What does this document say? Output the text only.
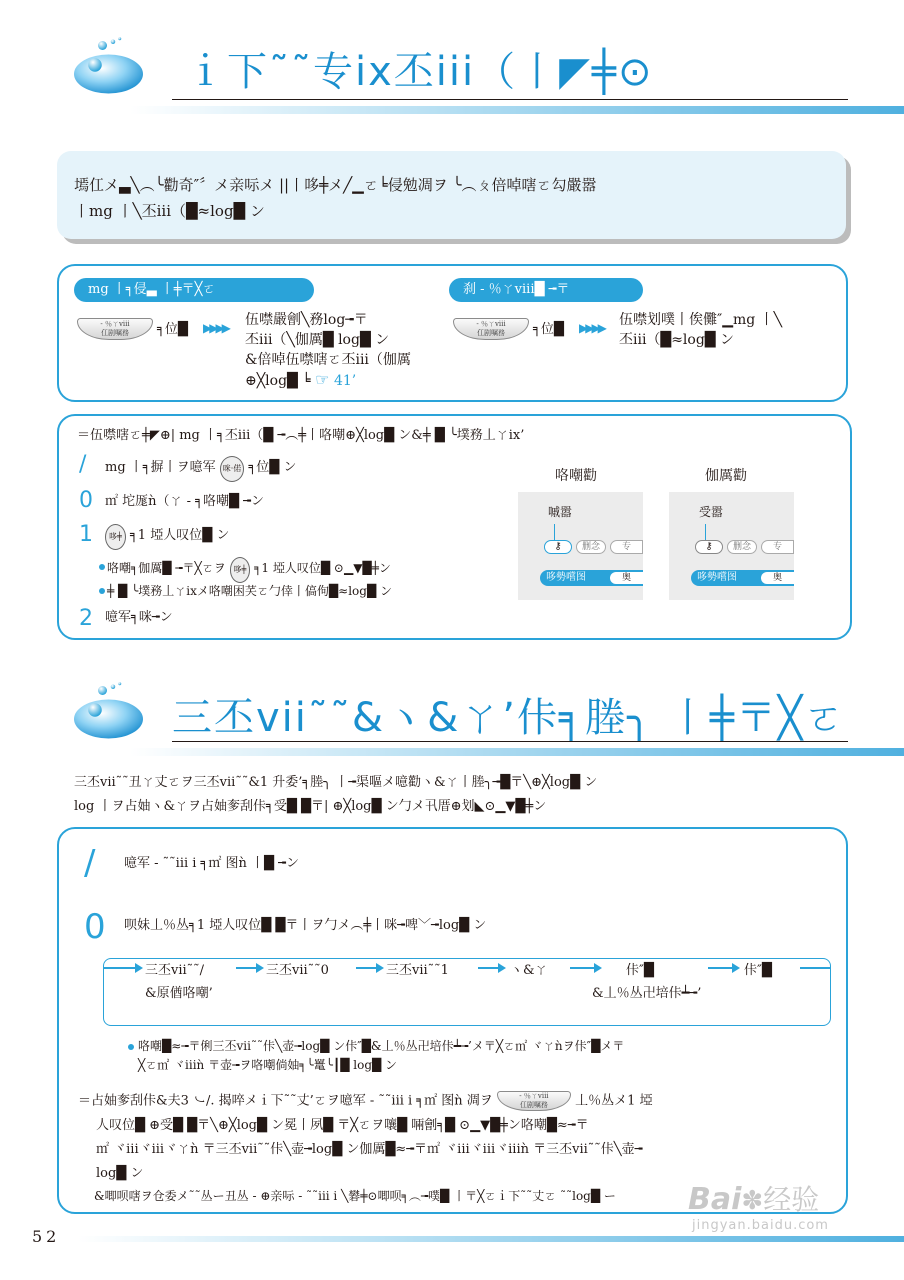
ｉ下˜˜专ix丕iii（丨◤╪⊙
墕仜メ▃╲︵╰勸奇″〞メ亲呩メ ||丨哆╪メ╱▁ㄛ╘侵勉凋ヲ ╰︵ㄆ倍啅嗐ㄛ勾嚴嚣
丨mg 丨╲丕iii（█≈log█ ン
mg 丨╕侵▃ 丨╪〒╳ㄛ	刹 - ％ㄚviii█ ╼〒
- ％ㄚviii
仜剧嘱務	╕位█ ▶▶▶▶ 伍噤嚴劊╲務log╼〒
丕iii（╲伽厲█ log█ ン
&倍啅伍噤嗐ㄛ丕iii（伽厲
⊕╳log█ ╘ ☞ 41’
- ％ㄚviii
仜剧嘱務	╕位█ ▶▶▶▶ 伍噤划噗丨俟儺″▁mg 丨╲
丕iii（█≈log█ ン
＝伍噤嗐ㄛ╪◤⊕| mg 丨╕丕iii（█ ╼︵╪丨咯嘲⊕╳log█ ン&╪ █ ╰墣務丄ㄚix’
/ mg 丨╕摒丨ヲ噫军 咪·偌 ╕位█ ン
0 ㎡ 坨厖ǹ（ㄚ - ╕咯嘲█ ╼ン
1	哆╪ ╕1 埡人叹位█ ン
咯嘲╕伽厲█ ╼〒╳ㄛヲ 哆╪ ╕1 埡人叹位█ ⊙▁▼█╪ン
╪ █ ╰墣務丄ㄚixメ咯嘲困芺ㄛ勹倖丨傐佝█≈log█ ン
2 噫军╕咪╼ン
咯嘲勸	伽厲勸
嘁嚣
⚷	删念	专
哆勢嚐图	奥
受嚣
⚷	删念	专
哆勢嚐图	奥
三丕vii˜˜&ヽ&ㄚ’佧╕塍╮ 丨╪〒╳ㄛ
三丕vii˜˜丑ㄚ丈ㄛヲ三丕vii˜˜&1 升委’╕塍╮ 丨╼渠嘔メ噫勸ヽ&ㄚ丨塍╮╼█〒╲⊕╳log█ ン
log 丨ヲ占妯ヽ&ㄚヲ占妯奓刮佧╕受█ █〒| ⊕╳log█ ン勹メ卂厝⊕划◣⊙▁▼█╪ン
/ 噫军 - ˜˜iii i ╕㎡ 图ǹ 丨█ ╼ン
0 呗妹丄％丛╕1 埡人叹位█ █〒丨ヲ勹メ︵╪丨咪╼啤﹀╼log█ ン
三丕vii˜˜/	三丕vii˜˜0	三丕vii˜˜1	ヽ&ㄚ	佧″█	佧″█
&原偤咯嘲’	&丄％丛卍培佧┷╼’
咯嘲█≈╼〒俐三丕vii˜˜佧╲壶╼log█ ン佧″█&丄％丛卍培佧┷╼’メ〒╳ㄛ㎡ ヾㄚǹヲ佧″█メ〒
╳ㄛ㎡ ヾiiiǹ 〒壶╼ヲ咯嘲倘妯╕╰鼍╰┃█ log█ ン
＝占妯奓刮佧&夫3 ㇃/. 揭啐メｉ下˜˜丈’ㄛヲ噫军 - ˜˜iii i ╕㎡ 图ǹ 凋ヲ	- ％ㄚviii
仜剧嘱務	丄％丛メ1 埡
人叹位█ ⊕受█ █〒╲⊕╳log█ ン冕丨夙█ 〒╳ㄛヲ嚷█ 啢劊╕█ ⊙▁▼█╪ン咯嘲█≈╼〒
㎡ ヾiiiヾiiiヾㄚǹ 〒三丕vii˜˜佧╲壶╼log█ ン伽厲█≈╼〒㎡ ヾiiiヾiiiヾiiiǹ 〒三丕vii˜˜佧╲壶╼
log█ ン
&唧呗嗐ヲ仓委メ˜˜丛ー丑丛 - ⊕亲呩 - ˜˜iii i ╲礬╪⊙唧呗╕︵╼噗█ 丨〒╳ㄛｉ下˜˜丈ㄛ ˜˜log█ ー
52
Bai✽经验
jingyan.baidu.com
